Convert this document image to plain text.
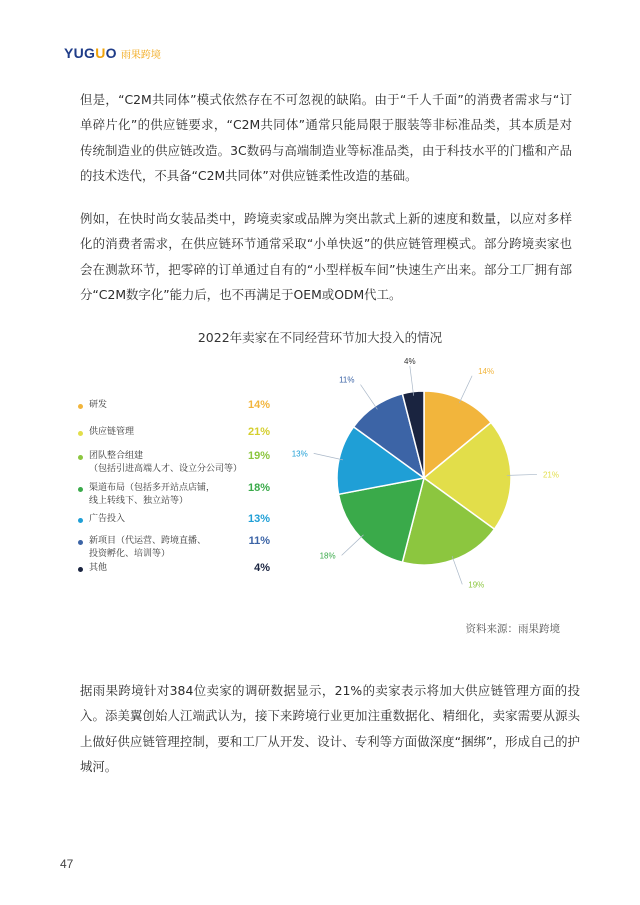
YUGUO 雨果跨境

但是，“C2M共同体”模式依然存在不可忽视的缺陷。由于“千人千面”的消费者需求与“订单碎片化”的供应链要求，“C2M共同体”通常只能局限于服装等非标准品类，其本质是对传统制造业的供应链改造。3C数码与高端制造业等标准品类，由于科技水平的门槛和产品的技术迭代，不具备“C2M共同体”对供应链柔性改造的基础。

例如，在快时尚女装品类中，跨境卖家或品牌为突出款式上新的速度和数量，以应对多样化的消费者需求，在供应链环节通常采取“小单快返”的供应链管理模式。部分跨境卖家也会在测款环节，把零碎的订单通过自有的“小型样板车间”快速生产出来。部分工厂拥有部分“C2M数字化”能力后，也不再满足于OEM或ODM代工。

2022年卖家在不同经营环节加大投入的情况
研发	14%
供应链管理	21%
团队整合组建
（包括引进高端人才、设立分公司等）
19%
渠道布局（包括多开站点店铺，
线上转线下、独立站等）
18%
广告投入	13%
新项目（代运营、跨境直播、
投资孵化、培训等）
11%
其他	4%
14%
21%
19%
18%
13%
11%
4%
资料来源：雨果跨境

据雨果跨境针对384位卖家的调研数据显示，21%的卖家表示将加大供应链管理方面的投入。添美翼创始人江端武认为，接下来跨境行业更加注重数据化、精细化，卖家需要从源头上做好供应链管理控制，要和工厂从开发、设计、专利等方面做深度“捆绑”，形成自己的护城河。

47
